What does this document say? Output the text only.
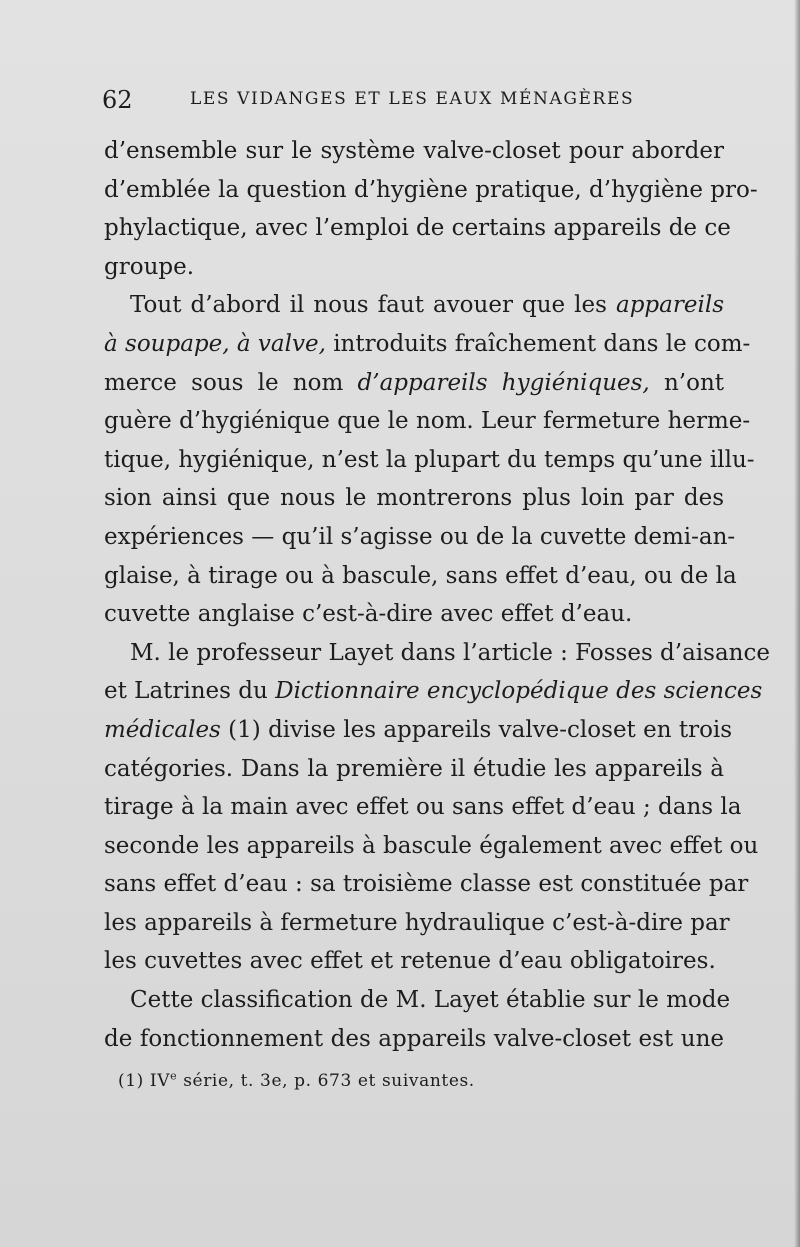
62	LES VIDANGES ET LES EAUX MÉNAGÈRES
d’ensemble sur le système valve-closet pour aborder
d’emblée la question d’hygiène pratique, d’hygiène pro-
phylactique, avec l’emploi de certains appareils de ce
groupe.
Tout d’abord il nous faut avouer que les appareils
à soupape, à valve, introduits fraîchement dans le com-
merce sous le nom d’appareils hygiéniques, n’ont
guère d’hygiénique que le nom. Leur fermeture herme-
tique, hygiénique, n’est la plupart du temps qu’une illu-
sion ainsi que nous le montrerons plus loin par des
expériences — qu’il s’agisse ou de la cuvette demi-an-
glaise, à tirage ou à bascule, sans effet d’eau, ou de la
cuvette anglaise c’est-à-dire avec effet d’eau.
M. le professeur Layet dans l’article : Fosses d’aisance
et Latrines du Dictionnaire encyclopédique des sciences
médicales (1) divise les appareils valve-closet en trois
catégories. Dans la première il étudie les appareils à
tirage à la main avec effet ou sans effet d’eau ; dans la
seconde les appareils à bascule également avec effet ou
sans effet d’eau : sa troisième classe est constituée par
les appareils à fermeture hydraulique c’est-à-dire par
les cuvettes avec effet et retenue d’eau obligatoires.
Cette classification de M. Layet établie sur le mode
de fonctionnement des appareils valve-closet est une
(1) IVe série, t. 3e, p. 673 et suivantes.
